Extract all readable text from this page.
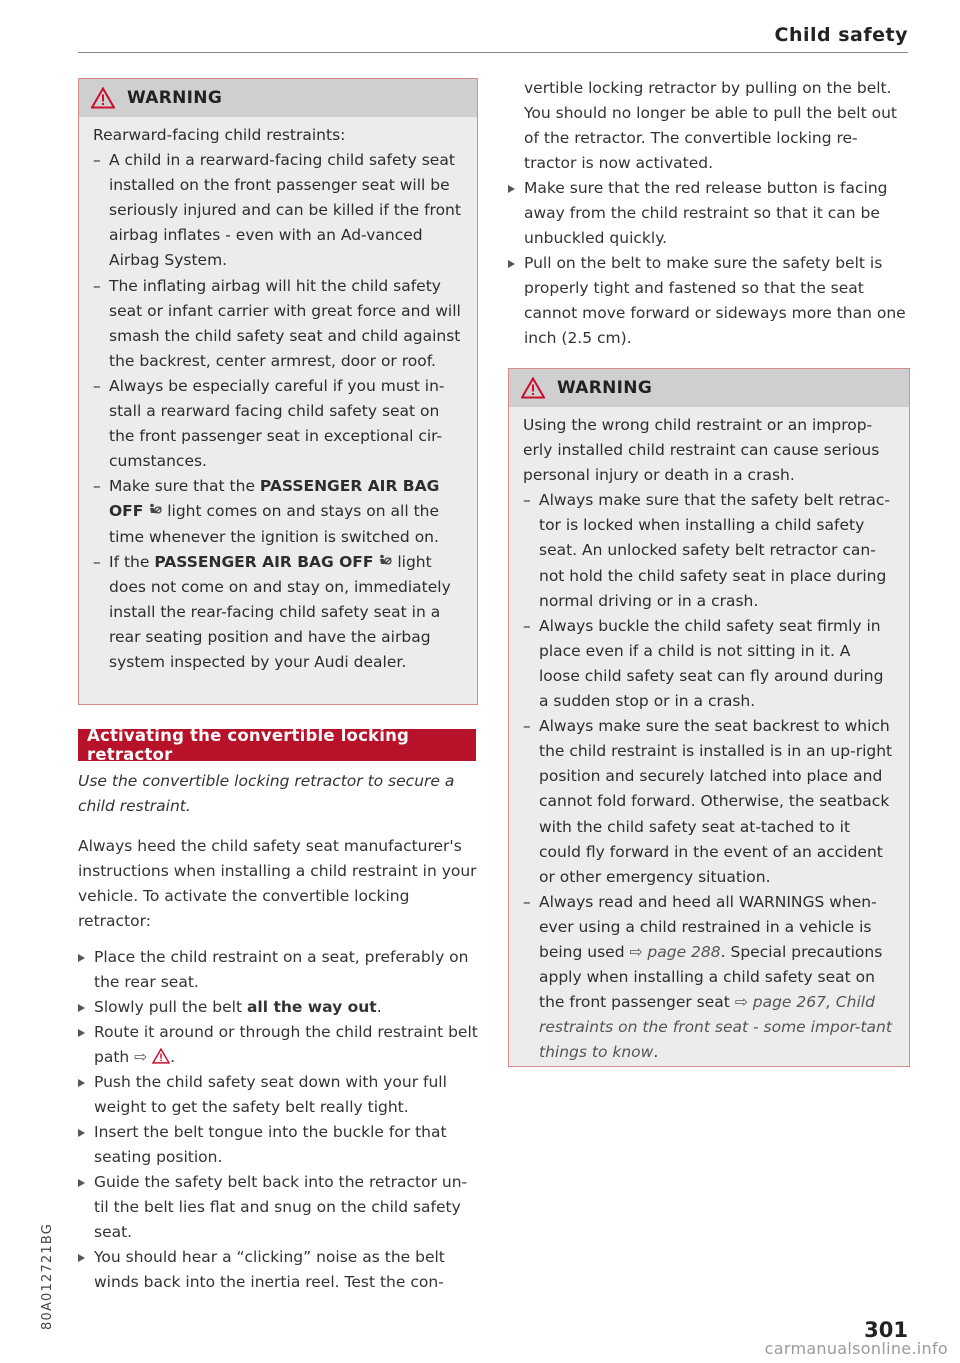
Child safety
WARNING
Rearward-facing child restraints:
– A child in a rearward-facing child safety seat installed on the front passenger seat will be seriously injured and can be killed if the front airbag inflates - even with an Ad-vanced Airbag System.
– The inflating airbag will hit the child safety seat or infant carrier with great force and will smash the child safety seat and child against the backrest, center armrest, door or roof.
– Always be especially careful if you must in-stall a rearward facing child safety seat on the front passenger seat in exceptional cir-cumstances.
– Make sure that the PASSENGER AIR BAG OFF  light comes on and stays on all the time whenever the ignition is switched on.
– If the PASSENGER AIR BAG OFF  light does not come on and stay on, immediately install the rear-facing child safety seat in a rear seating position and have the airbag system inspected by your Audi dealer.
Activating the convertible locking retractor
Use the convertible locking retractor to secure a child restraint.
Always heed the child safety seat manufacturer's instructions when installing a child restraint in your vehicle. To activate the convertible locking retractor:
Place the child restraint on a seat, preferably on the rear seat.
Slowly pull the belt all the way out.
Route it around or through the child restraint belt path ⇨ .
Push the child safety seat down with your full weight to get the safety belt really tight.
Insert the belt tongue into the buckle for that seating position.
Guide the safety belt back into the retractor un-til the belt lies flat and snug on the child safety seat.
You should hear a “clicking” noise as the belt winds back into the inertia reel. Test the con-
vertible locking retractor by pulling on the belt. You should no longer be able to pull the belt out of the retractor. The convertible locking re-tractor is now activated.
Make sure that the red release button is facing away from the child restraint so that it can be unbuckled quickly.
Pull on the belt to make sure the safety belt is properly tight and fastened so that the seat cannot move forward or sideways more than one inch (2.5 cm).
WARNING
Using the wrong child restraint or an improp-erly installed child restraint can cause serious personal injury or death in a crash.
– Always make sure that the safety belt retrac-tor is locked when installing a child safety seat. An unlocked safety belt retractor can-not hold the child safety seat in place during normal driving or in a crash.
– Always buckle the child safety seat firmly in place even if a child is not sitting in it. A loose child safety seat can fly around during a sudden stop or in a crash.
– Always make sure the seat backrest to which the child restraint is installed is in an up-right position and securely latched into place and cannot fold forward. Otherwise, the seatback with the child safety seat at-tached to it could fly forward in the event of an accident or other emergency situation.
– Always read and heed all WARNINGS when-ever using a child restrained in a vehicle is being used ⇨ page 288. Special precautions apply when installing a child safety seat on the front passenger seat ⇨ page 267, Child restraints on the front seat - some impor-tant things to know.
80A012721BG	301
carmanualsonline.info
